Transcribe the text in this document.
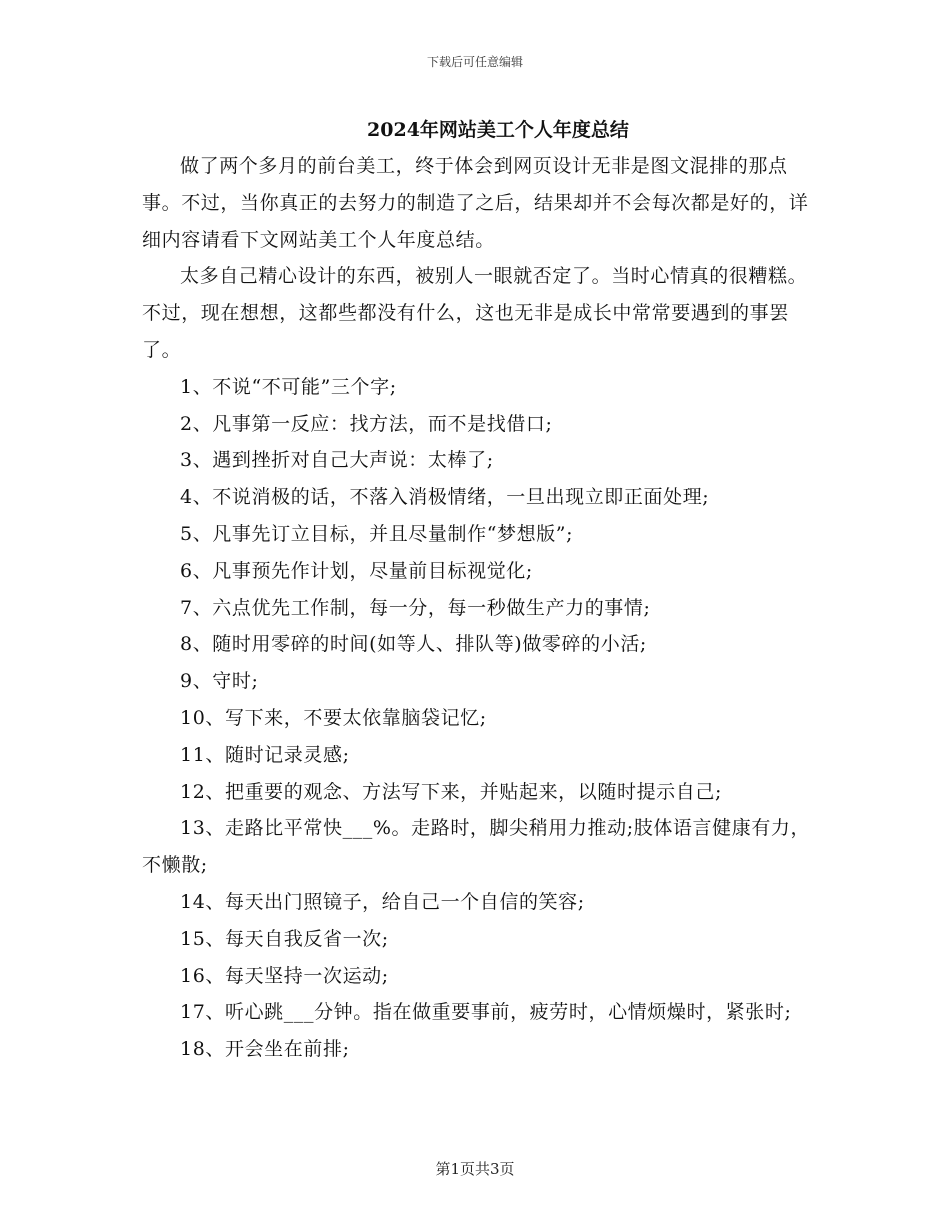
下载后可任意编辑
2024年网站美工个人年度总结

做了两个多月的前台美工，终于体会到网页设计无非是图文混排的那点事。不过，当你真正的去努力的制造了之后，结果却并不会每次都是好的，详细内容请看下文网站美工个人年度总结。

太多自己精心设计的东西，被别人一眼就否定了。当时心情真的很糟糕。不过，现在想想，这都些都没有什么，这也无非是成长中常常要遇到的事罢了。

1、不说“不可能”三个字;

2、凡事第一反应：找方法，而不是找借口;

3、遇到挫折对自己大声说：太棒了;

4、不说消极的话，不落入消极情绪，一旦出现立即正面处理;

5、凡事先订立目标，并且尽量制作“梦想版”;

6、凡事预先作计划，尽量前目标视觉化;

7、六点优先工作制，每一分，每一秒做生产力的事情;

8、随时用零碎的时间(如等人、排队等)做零碎的小活;

9、守时;

10、写下来，不要太依靠脑袋记忆;

11、随时记录灵感;

12、把重要的观念、方法写下来，并贴起来，以随时提示自己;

13、走路比平常快___%。走路时，脚尖稍用力推动;肢体语言健康有力，不懒散;

14、每天出门照镜子，给自己一个自信的笑容;

15、每天自我反省一次;

16、每天坚持一次运动;

17、听心跳___分钟。指在做重要事前，疲劳时，心情烦燥时，紧张时;

18、开会坐在前排;

第1页共3页
